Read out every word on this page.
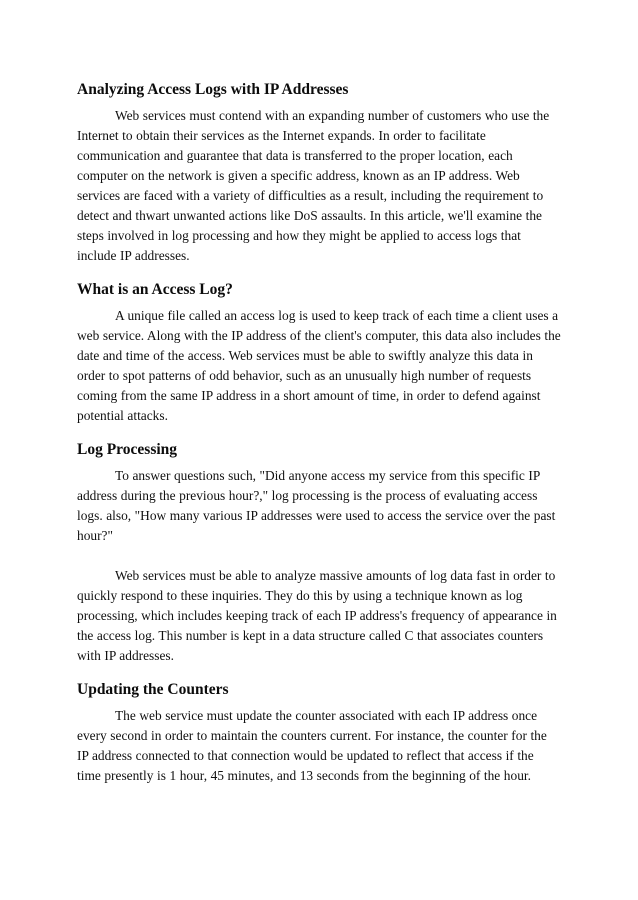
Analyzing Access Logs with IP Addresses

Web services must contend with an expanding number of customers who use the Internet to obtain their services as the Internet expands. In order to facilitate communication and guarantee that data is transferred to the proper location, each computer on the network is given a specific address, known as an IP address. Web services are faced with a variety of difficulties as a result, including the requirement to detect and thwart unwanted actions like DoS assaults. In this article, we'll examine the steps involved in log processing and how they might be applied to access logs that include IP addresses.

What is an Access Log?

A unique file called an access log is used to keep track of each time a client uses a web service. Along with the IP address of the client's computer, this data also includes the date and time of the access. Web services must be able to swiftly analyze this data in order to spot patterns of odd behavior, such as an unusually high number of requests coming from the same IP address in a short amount of time, in order to defend against potential attacks.

Log Processing

To answer questions such, "Did anyone access my service from this specific IP address during the previous hour?," log processing is the process of evaluating access logs. also, "How many various IP addresses were used to access the service over the past hour?"

Web services must be able to analyze massive amounts of log data fast in order to quickly respond to these inquiries. They do this by using a technique known as log processing, which includes keeping track of each IP address's frequency of appearance in the access log. This number is kept in a data structure called C that associates counters with IP addresses.

Updating the Counters

The web service must update the counter associated with each IP address once every second in order to maintain the counters current. For instance, the counter for the IP address connected to that connection would be updated to reflect that access if the time presently is 1 hour, 45 minutes, and 13 seconds from the beginning of the hour.
